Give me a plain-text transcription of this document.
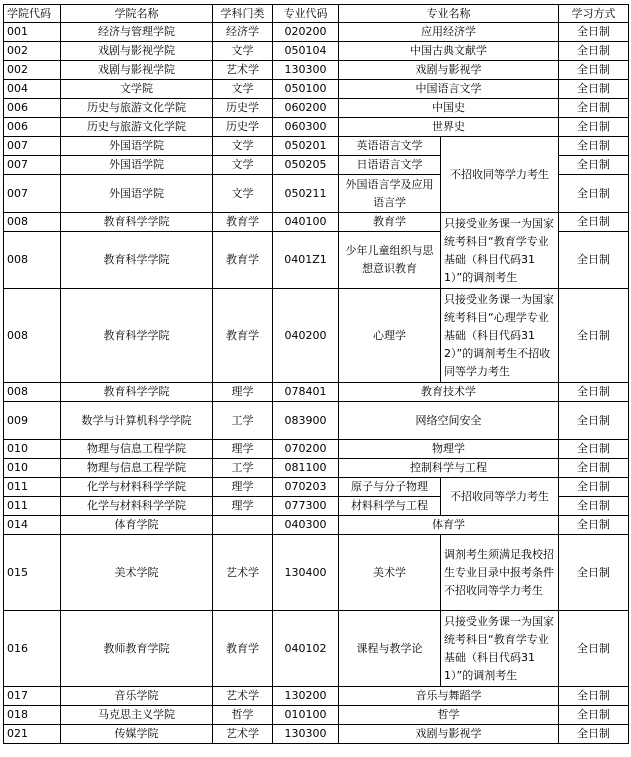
学院代码	学院名称	学科门类	专业代码	专业名称		学习方式
001	经济与管理学院	经济学	020200	应用经济学		全日制
002	戏剧与影视学院	文学	050104	中国古典文献学		全日制
002	戏剧与影视学院	艺术学	130300	戏剧与影视学		全日制
004	文学院	文学	050100	中国语言文学		全日制
006	历史与旅游文化学院	历史学	060200	中国史		全日制
006	历史与旅游文化学院	历史学	060300	世界史		全日制
007	外国语学院	文学	050201	英语语言文学	不招收同等学力考生	全日制
007	外国语学院	文学	050205	日语语言文学		全日制
007	外国语学院	文学	050211	外国语言学及应用语言学		全日制
008	教育科学学院	教育学	040100	教育学	只接受业务课一为国家统考科目“教育学专业基础（科目代码311）”的调剂考生	全日制
008	教育科学学院	教育学	0401Z1	少年儿童组织与思想意识教育		全日制
008	教育科学学院	教育学	040200	心理学	只接受业务课一为国家统考科目“心理学专业基础（科目代码312）”的调剂考生不招收同等学力考生	全日制
008	教育科学学院	理学	078401	教育技术学		全日制
009	数学与计算机科学学院	工学	083900	网络空间安全		全日制
010	物理与信息工程学院	理学	070200	物理学		全日制
010	物理与信息工程学院	工学	081100	控制科学与工程		全日制
011	化学与材料科学学院	理学	070203	原子与分子物理	不招收同等学力考生	全日制
011	化学与材料科学学院	理学	077300	材料科学与工程		全日制
014	体育学院		040300	体育学		全日制
015	美术学院	艺术学	130400	美术学	调剂考生须满足我校招生专业目录中报考条件不招收同等学力考生	全日制
016	教师教育学院	教育学	040102	课程与教学论	只接受业务课一为国家统考科目“教育学专业基础（科目代码311）”的调剂考生	全日制
017	音乐学院	艺术学	130200	音乐与舞蹈学		全日制
018	马克思主义学院	哲学	010100	哲学		全日制
021	传媒学院	艺术学	130300	戏剧与影视学		全日制
